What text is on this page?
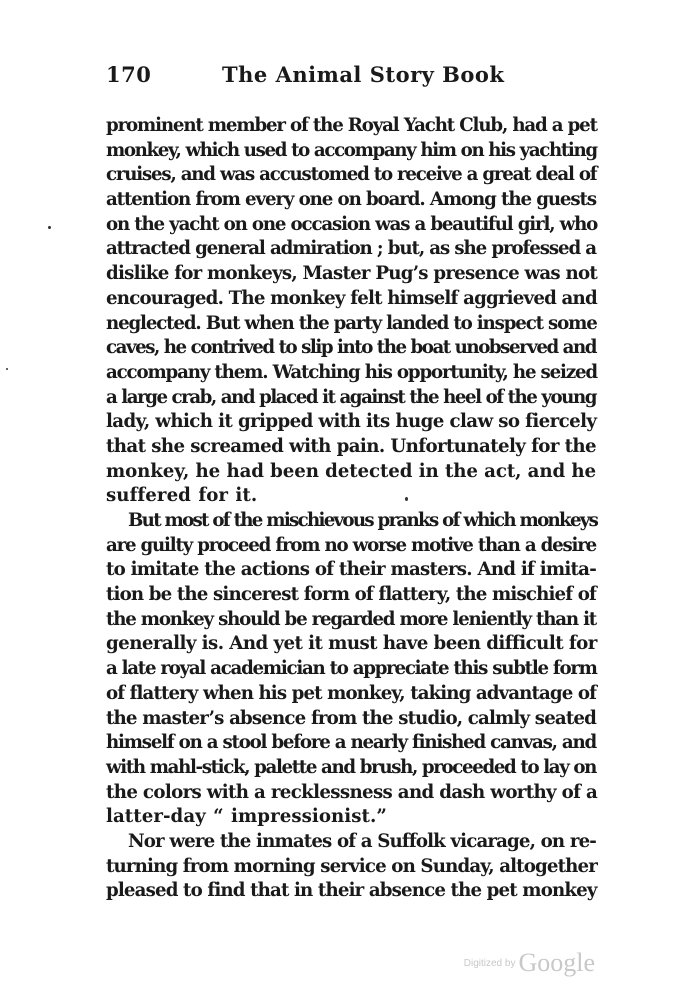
170	The Animal Story Book
prominent member of the Royal Yacht Club, had a pet
monkey, which used to accompany him on his yachting
cruises, and was accustomed to receive a great deal of
attention from every one on board. Among the guests
on the yacht on one occasion was a beautiful girl, who
attracted general admiration ; but, as she professed a
dislike for monkeys, Master Pug’s presence was not
encouraged. The monkey felt himself aggrieved and
neglected. But when the party landed to inspect some
caves, he contrived to slip into the boat unobserved and
accompany them. Watching his opportunity, he seized
a large crab, and placed it against the heel of the young
lady, which it gripped with its huge claw so fiercely
that she screamed with pain. Unfortunately for the
monkey, he had been detected in the act, and he
suffered for it.
But most of the mischievous pranks of which monkeys
are guilty proceed from no worse motive than a desire
to imitate the actions of their masters. And if imita-
tion be the sincerest form of flattery, the mischief of
the monkey should be regarded more leniently than it
generally is. And yet it must have been difficult for
a late royal academician to appreciate this subtle form
of flattery when his pet monkey, taking advantage of
the master’s absence from the studio, calmly seated
himself on a stool before a nearly finished canvas, and
with mahl-stick, palette and brush, proceeded to lay on
the colors with a recklessness and dash worthy of a
latter-day “ impressionist.”
Nor were the inmates of a Suffolk vicarage, on re-
turning from morning service on Sunday, altogether
pleased to find that in their absence the pet monkey
Digitized by Google
